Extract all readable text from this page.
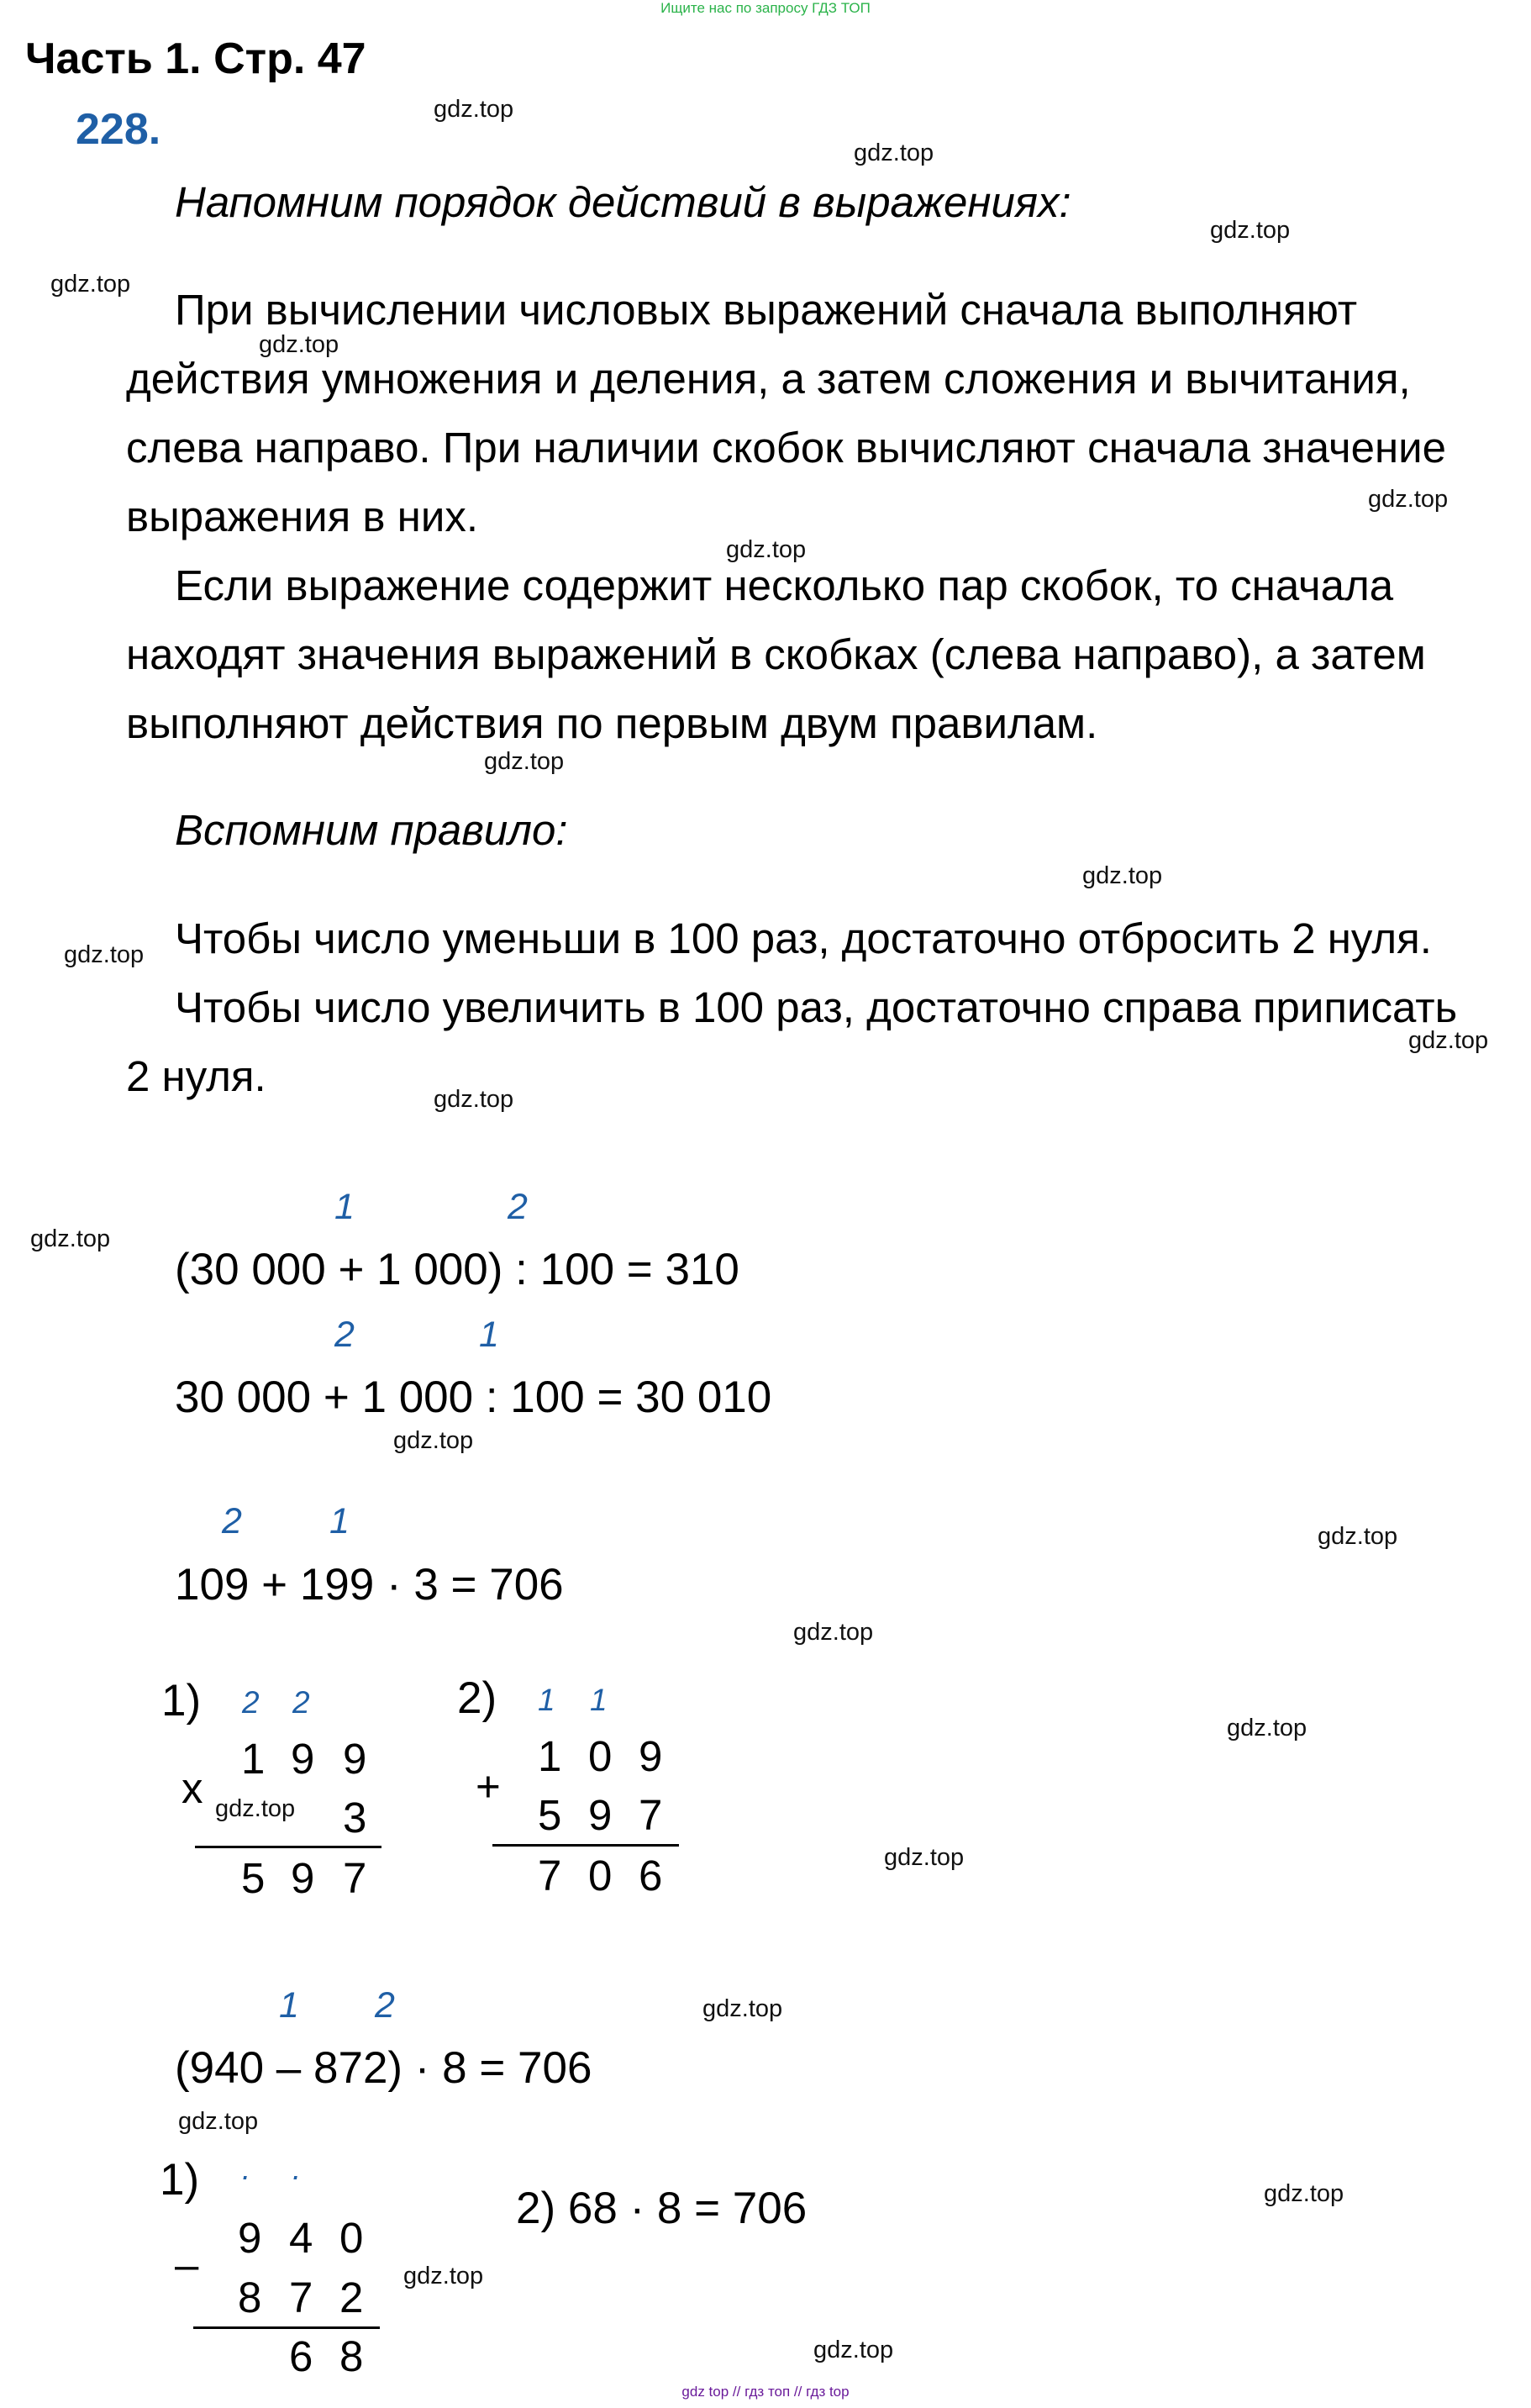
Ищите нас по запросу ГДЗ ТОП
Часть 1. Стр. 47
228.
Напомним порядок действий в выражениях:
При вычислении числовых выражений сначала выполняют
действия умножения и деления, а затем сложения и вычитания,
слева направо. При наличии скобок вычисляют сначала значение
выражения в них.
Если выражение содержит несколько пар скобок, то сначала
находят значения выражений в скобках (слева направо), а затем
выполняют действия по первым двум правилам.
Вспомним правило:
Чтобы число уменьши в 100 раз, достаточно отбросить 2 нуля.
Чтобы число увеличить в 100 раз, достаточно справа приписать
2 нуля.
1	2
(30 000 + 1 000) : 100 = 310
2	1
30 000 + 1 000 : 100 = 30 010
2 1
109 + 199 · 3 = 706
1) 2 2
1 9 9
x
3
5 9 7
2) 1 1
1 0 9
+
5 9 7
7 0 6
1 2
(940 – 872) · 8 = 706
1) . .
9 4 0
–
8 7 2
6 8
2) 68 · 8 = 706
gdz.top
gdz.top
gdz.top
gdz.top
gdz.top
gdz.top
gdz.top
gdz.top
gdz.top
gdz.top
gdz.top
gdz.top
gdz.top
gdz.top
gdz.top
gdz.top
gdz.top
gdz.top
gdz.top
gdz.top
gdz.top
gdz.top
gdz.top
gdz.top
gdz top // гдз топ // гдз top
